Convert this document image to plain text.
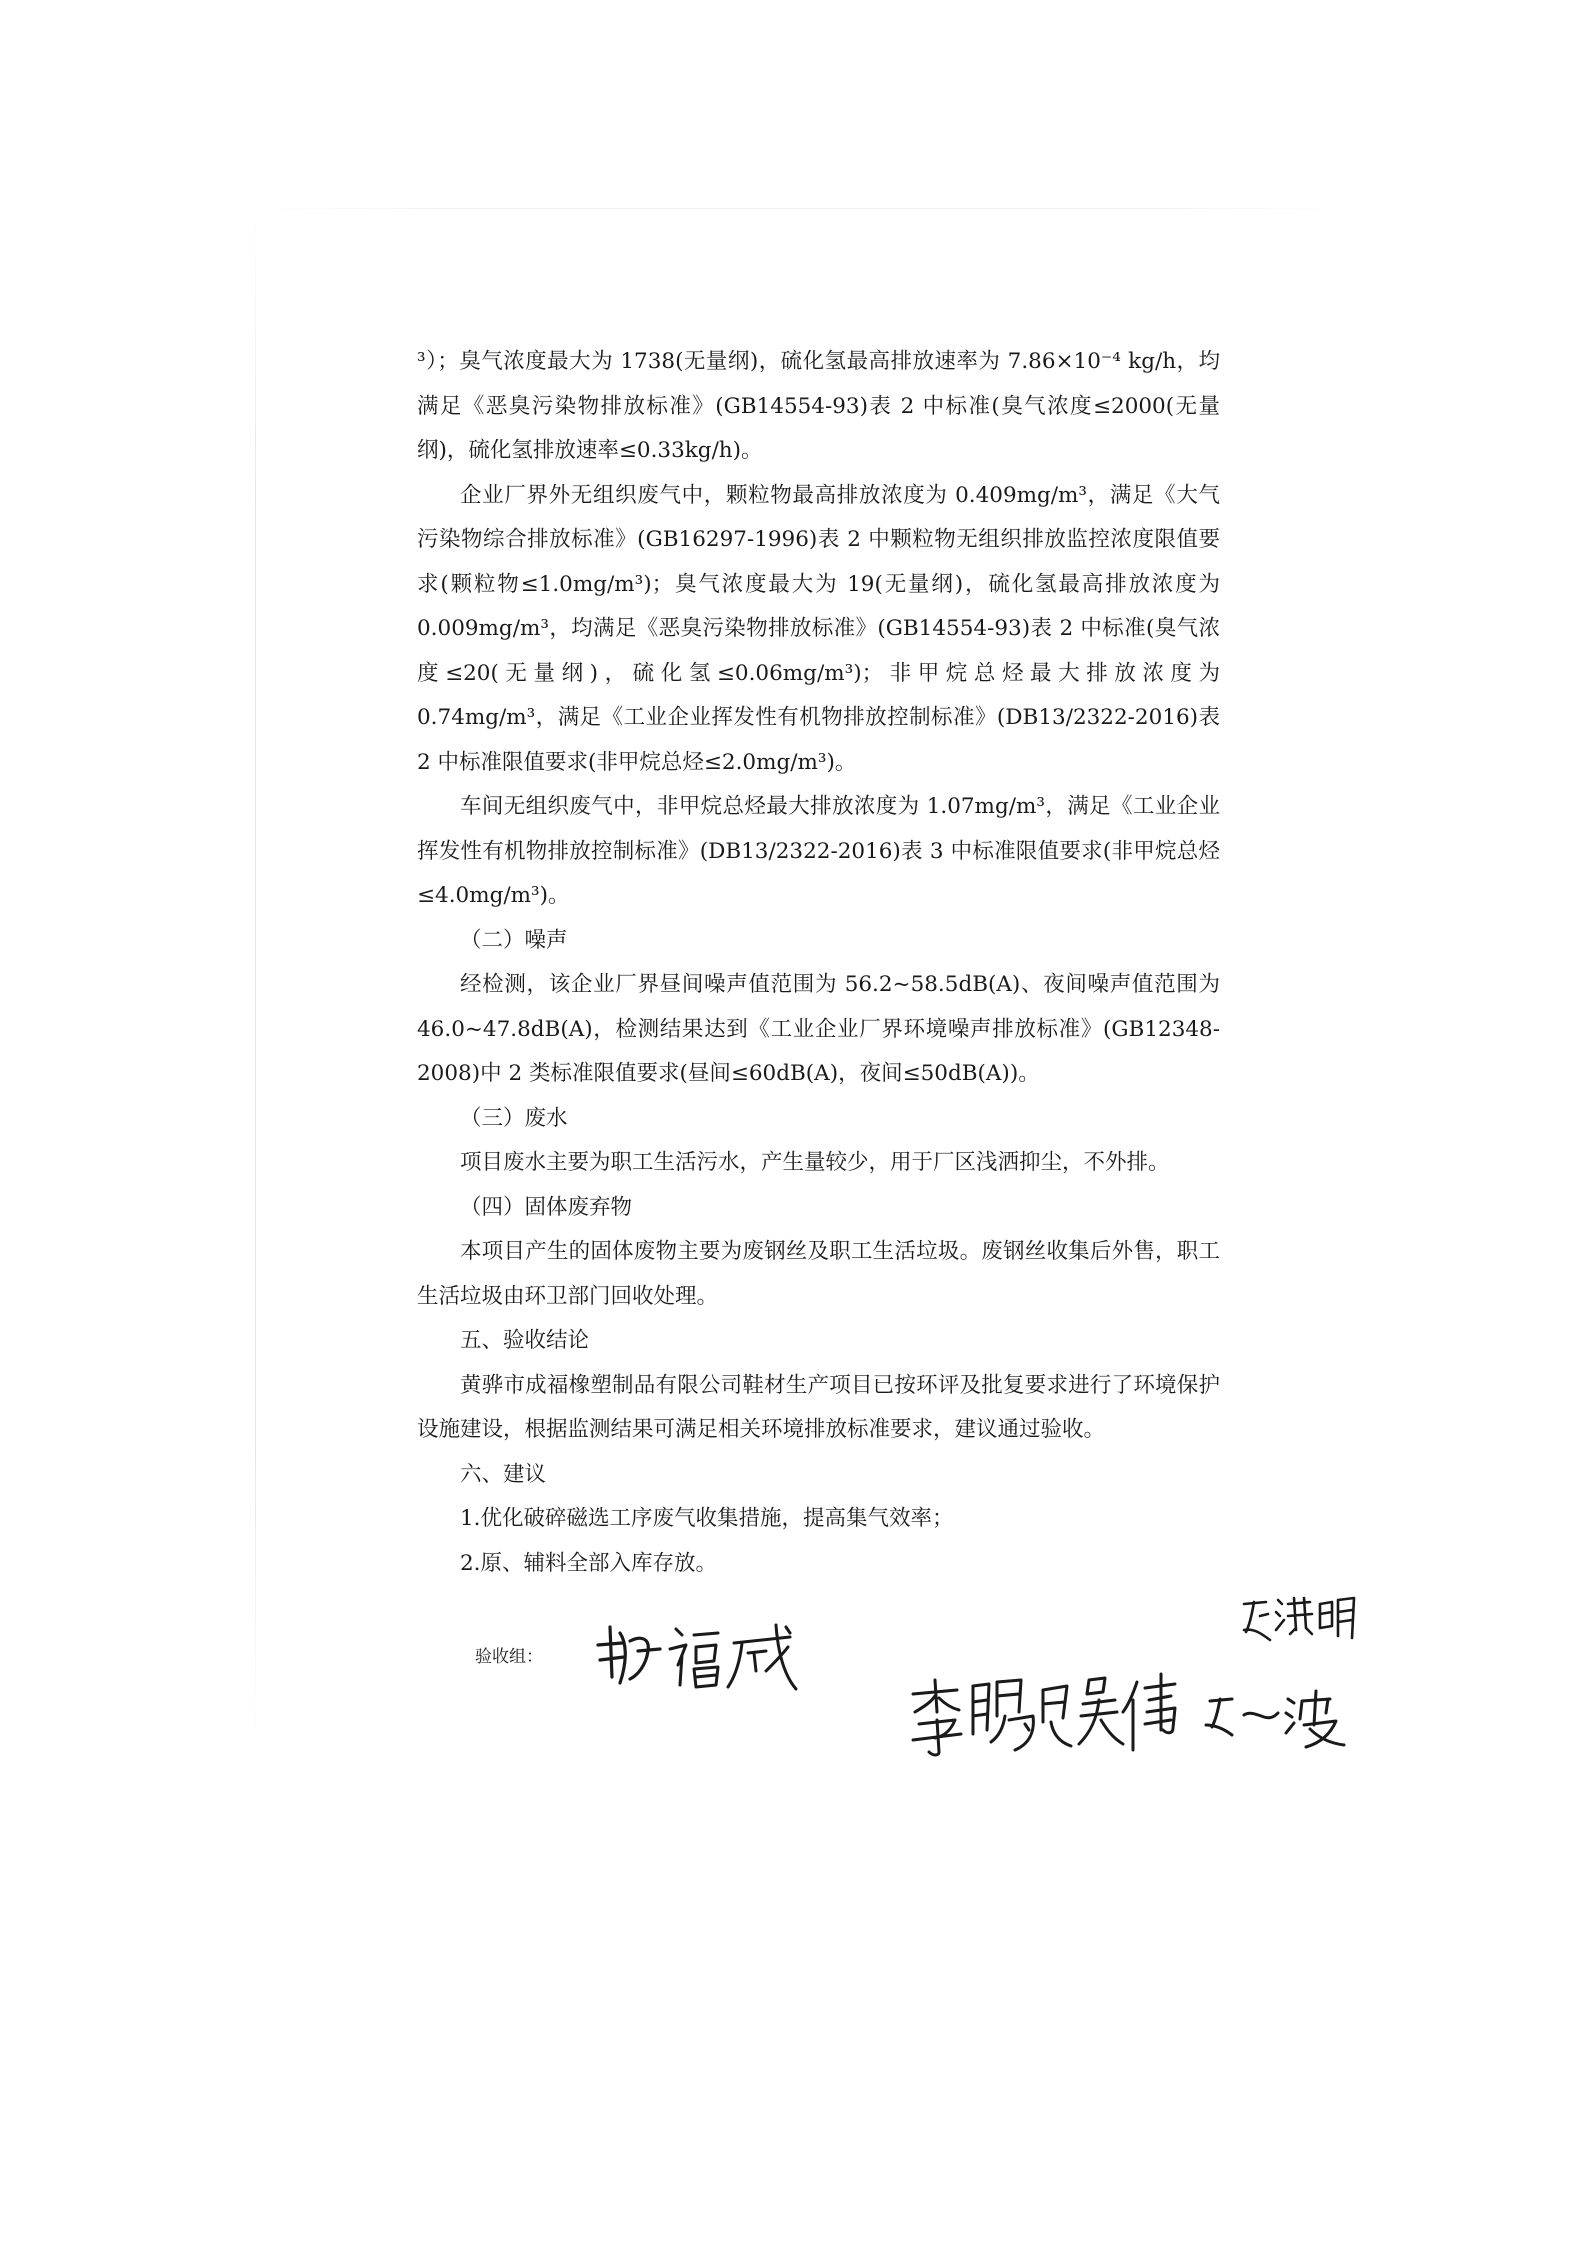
³）；臭气浓度最大为 1738(无量纲)，硫化氢最高排放速率为 7.86×10⁻⁴ kg/h，均满足《恶臭污染物排放标准》(GB14554-93)表 2 中标准(臭气浓度≤2000(无量纲)，硫化氢排放速率≤0.33kg/h)。

企业厂界外无组织废气中，颗粒物最高排放浓度为 0.409mg/m³，满足《大气污染物综合排放标准》(GB16297-1996)表 2 中颗粒物无组织排放监控浓度限值要求(颗粒物≤1.0mg/m³)；臭气浓度最大为 19(无量纲)，硫化氢最高排放浓度为 0.009mg/m³，均满足《恶臭污染物排放标准》(GB14554-93)表 2 中标准(臭气浓度≤20(无量纲)，硫化氢≤0.06mg/m³)；非甲烷总烃最大排放浓度为 0.74mg/m³，满足《工业企业挥发性有机物排放控制标准》(DB13/2322-2016)表 2 中标准限值要求(非甲烷总烃≤2.0mg/m³)。

车间无组织废气中，非甲烷总烃最大排放浓度为 1.07mg/m³，满足《工业企业挥发性有机物排放控制标准》(DB13/2322-2016)表 3 中标准限值要求(非甲烷总烃≤4.0mg/m³)。

（二）噪声

经检测，该企业厂界昼间噪声值范围为 56.2~58.5dB(A)、夜间噪声值范围为 46.0~47.8dB(A)，检测结果达到《工业企业厂界环境噪声排放标准》(GB12348-2008)中 2 类标准限值要求(昼间≤60dB(A)，夜间≤50dB(A))。

（三）废水

项目废水主要为职工生活污水，产生量较少，用于厂区浅洒抑尘，不外排。

（四）固体废弃物

本项目产生的固体废物主要为废钢丝及职工生活垃圾。废钢丝收集后外售，职工生活垃圾由环卫部门回收处理。

五、验收结论

黄骅市成福橡塑制品有限公司鞋材生产项目已按环评及批复要求进行了环境保护设施建设，根据监测结果可满足相关环境排放标准要求，建议通过验收。

六、建议

1.优化破碎磁选工序废气收集措施，提高集气效率；

2.原、辅料全部入库存放。

验收组：
